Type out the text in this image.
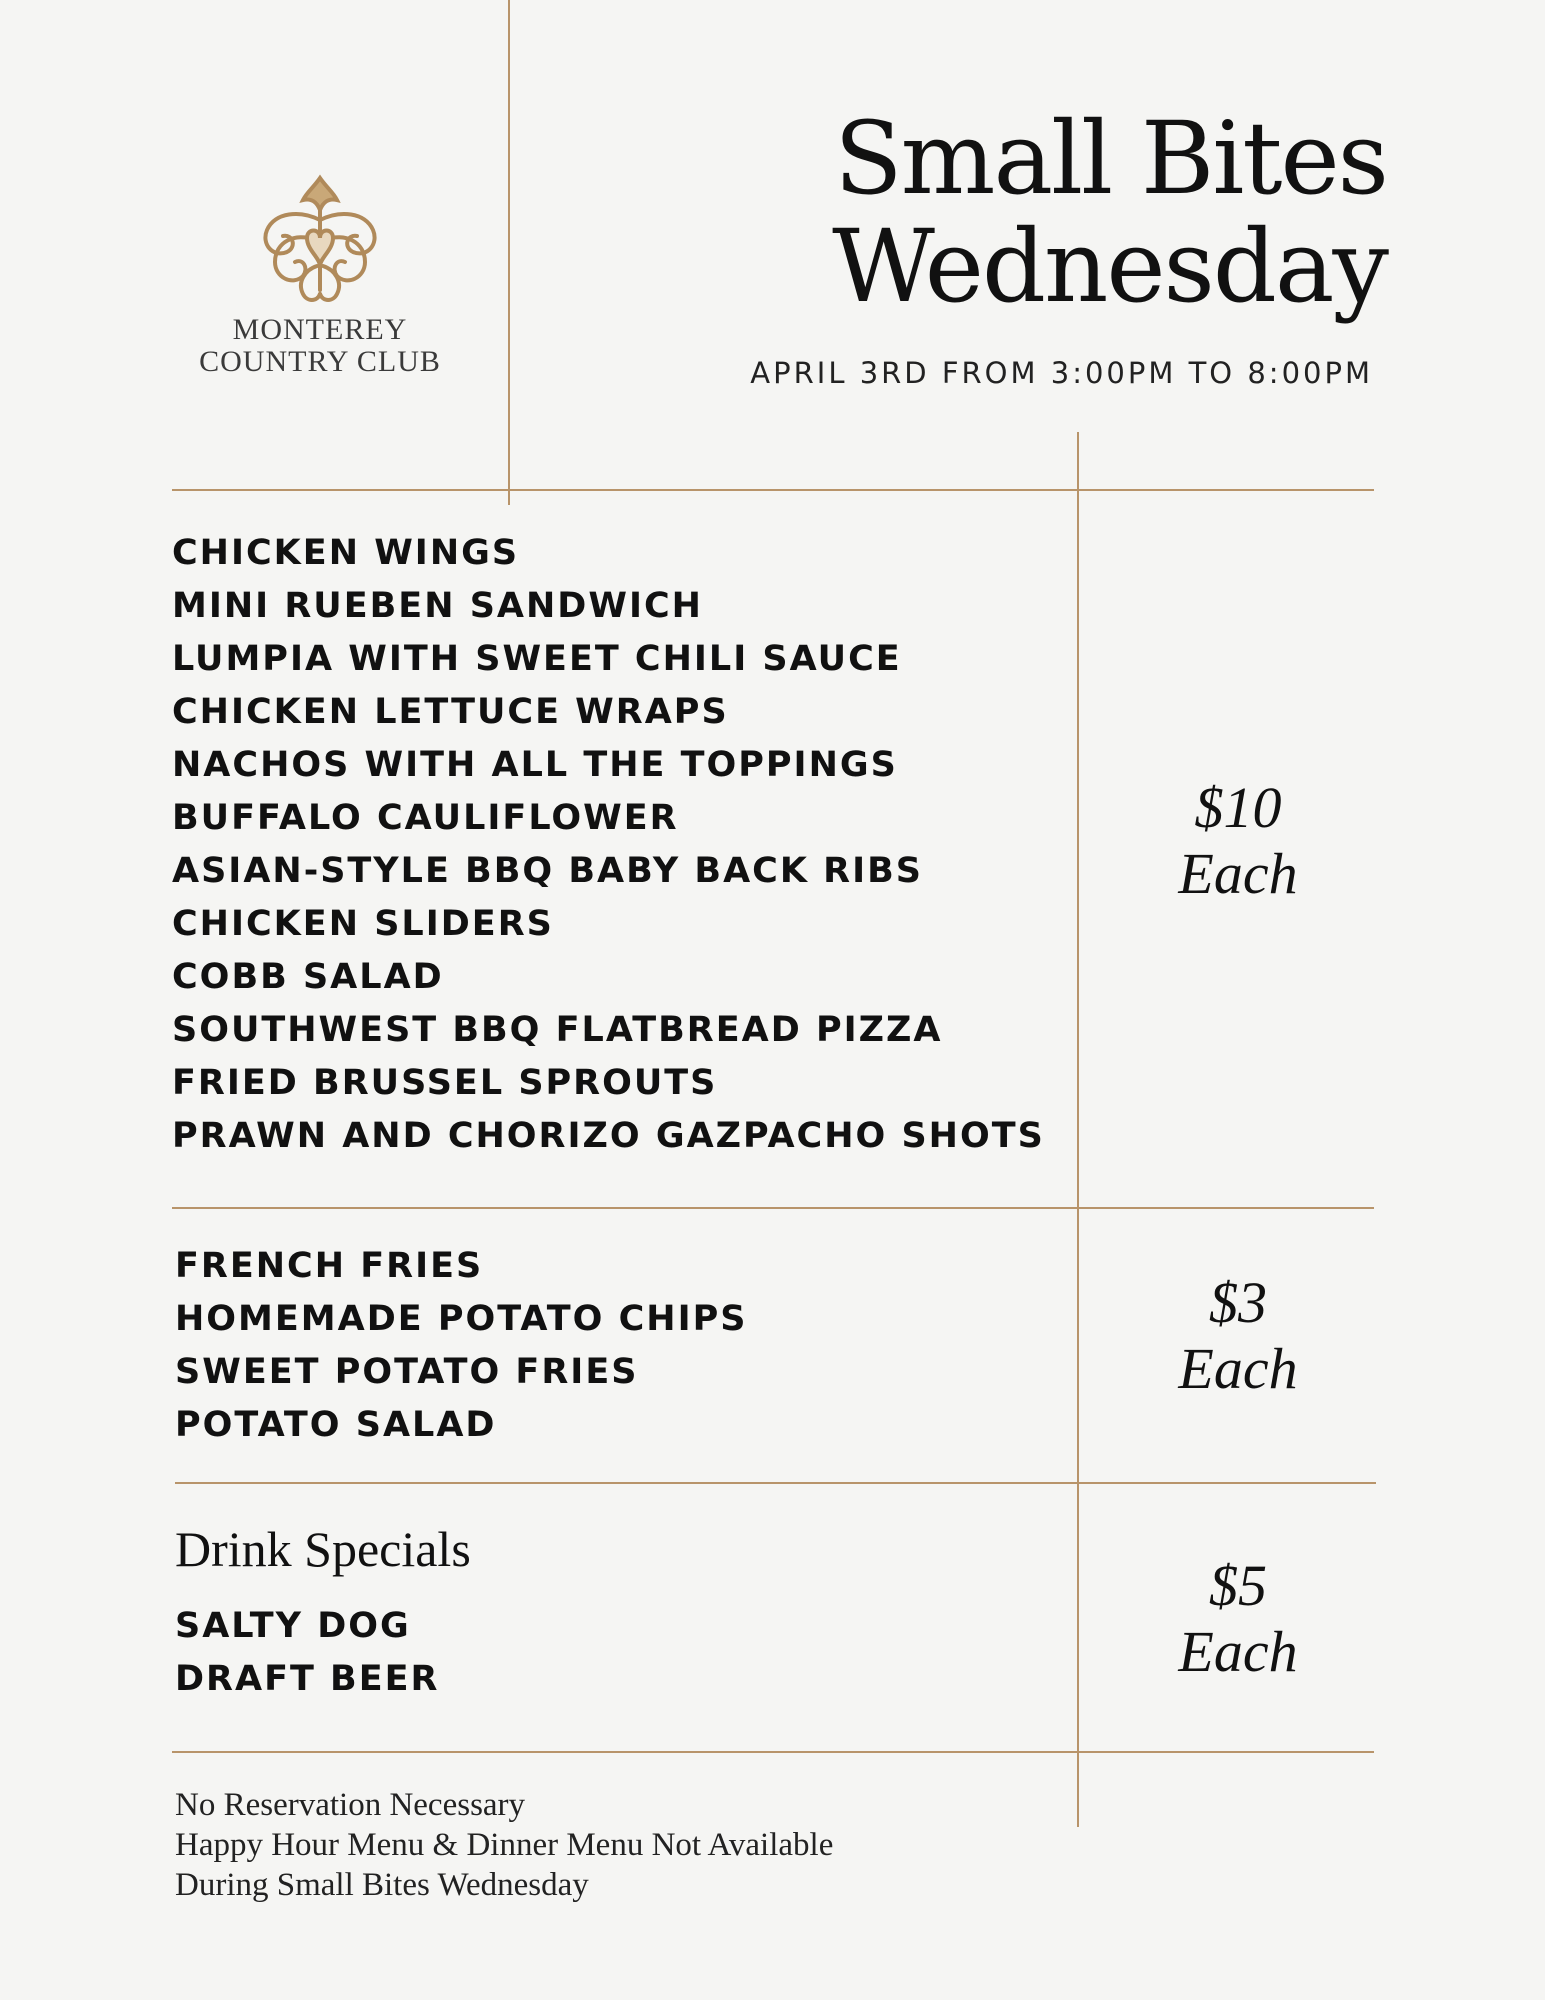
MONTEREY
COUNTRY CLUB
Small Bites
Wednesday
APRIL 3RD FROM 3:00PM TO 8:00PM
CHICKEN WINGS
MINI RUEBEN SANDWICH
LUMPIA WITH SWEET CHILI SAUCE
CHICKEN LETTUCE WRAPS
NACHOS WITH ALL THE TOPPINGS
BUFFALO CAULIFLOWER
ASIAN-STYLE BBQ BABY BACK RIBS
CHICKEN SLIDERS
COBB SALAD
SOUTHWEST BBQ FLATBREAD PIZZA
FRIED BRUSSEL SPROUTS
PRAWN AND CHORIZO GAZPACHO SHOTS
$10
Each
FRENCH FRIES
HOMEMADE POTATO CHIPS
SWEET POTATO FRIES
POTATO SALAD
$3
Each
Drink Specials
SALTY DOG
DRAFT BEER
$5
Each
No Reservation Necessary
Happy Hour Menu & Dinner Menu Not Available
During Small Bites Wednesday
